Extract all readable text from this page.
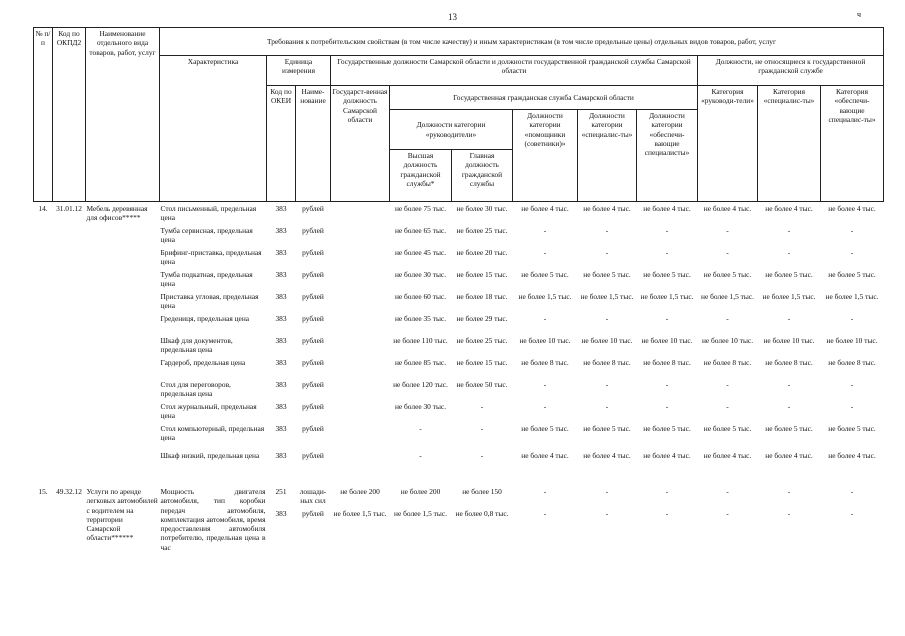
13	ч
№ п/п	Код по ОКПД2	Наименование отдельного вида товаров, работ, услуг	Требования к потребительским свойствам (в том числе качеству) и иным характеристикам (в том числе предельные цены) отдельных видов товаров, работ, услуг											
			Характеристика	Единица измерения		Государственные должности Самарской области и должности государственной гражданской службы Самарской области						Должности, не относящиеся к государственной гражданской службе		
				Код по ОКЕИ	Наиме-нование	Государст-венная должность Самарской области	Государственная гражданская служба Самарской области					Категория «руководи-тели»	Категория «специалис-ты»	Категория «обеспечи-вающие специалис-ты»
							Должности категории «руководители»		Должности категории «помощники (советники)»	Должности категории «специалис-ты»	Должности категории «обеспечи-вающие специалисты»			
							Высшая должность гражданской службы*	Главная должность гражданской службы						
14.	31.01.12	Мебель деревянная для офисов*****	Стол письменный, предельная цена	383	рублей		не более 75 тыс.	не более 30 тыс.	не более 4 тыс.	не более 4 тыс.	не более 4 тыс.	не более 4 тыс.	не более 4 тыс.	не более 4 тыс.
			Тумба сервисная, предельная цена	383	рублей		не более 65 тыс.	не более 25 тыс.	-	-	-	-	-	-
			Брифинг-приставка, предельная цена	383	рублей		не более 45 тыс.	не более 20 тыс.	-	-	-	-	-	-
			Тумба подкатная, предельная цена	383	рублей		не более 30 тыс.	не более 15 тыс.	не более 5 тыс.	не более 5 тыс.	не более 5 тыс.	не более 5 тыс.	не более 5 тыс.	не более 5 тыс.
			Приставка угловая, предельная цена	383	рублей		не более 60 тыс.	не более 18 тыс.	не более 1,5 тыс.	не более 1,5 тыс.	не более 1,5 тыс.	не более 1,5 тыс.	не более 1,5 тыс.	не более 1,5 тыс.
			Гредениця, предельная цена	383	рублей		не более 35 тыс.	не более 29 тыс.	-	-	-	-	-	-
			Шкаф для документов, предельная цена	383	рублей		не более 110 тыс.	не более 25 тыс.	не более 10 тыс.	не более 10 тыс.	не более 10 тыс.	не более 10 тыс.	не более 10 тыс.	не более 10 тыс.
			Гардероб, предельная цена	383	рублей		не более 85 тыс.	не более 15 тыс.	не более 8 тыс.	не более 8 тыс.	не более 8 тыс.	не более 8 тыс.	не более 8 тыс.	не более 8 тыс.
			Стол для переговоров, предельная цена	383	рублей		не более 120 тыс.	не более 50 тыс.	-	-	-	-	-	-
			Стол журнальный, предельная цена	383	рублей		не более 30 тыс.	-	-	-	-	-	-	-
			Стол компьютерный, предельная цена	383	рублей		-	-	не более 5 тыс.	не более 5 тыс.	не более 5 тыс.	не более 5 тыс.	не более 5 тыс.	не более 5 тыс.
			Шкаф низкий, предельная цена	383	рублей		-	-	не более 4 тыс.	не более 4 тыс.	не более 4 тыс.	не более 4 тыс.	не более 4 тыс.	не более 4 тыс.

15.	49.32.12	Услуги по аренде легковых автомобилей с водителем на территории Самарской области******	Мощность двигателя автомобиля, тип коробки передач автомобиля, комплектация автомобиля, время предоставления автомобиля потребителю, предельная цена в час	251	лошади-ных сил	не более 200	не более 200	не более 150	-	-	-	-	-	-
				383	рублей	не более 1,5 тыс.	не более 1,5 тыс.	не более 0,8 тыс.	-	-	-	-	-	-
